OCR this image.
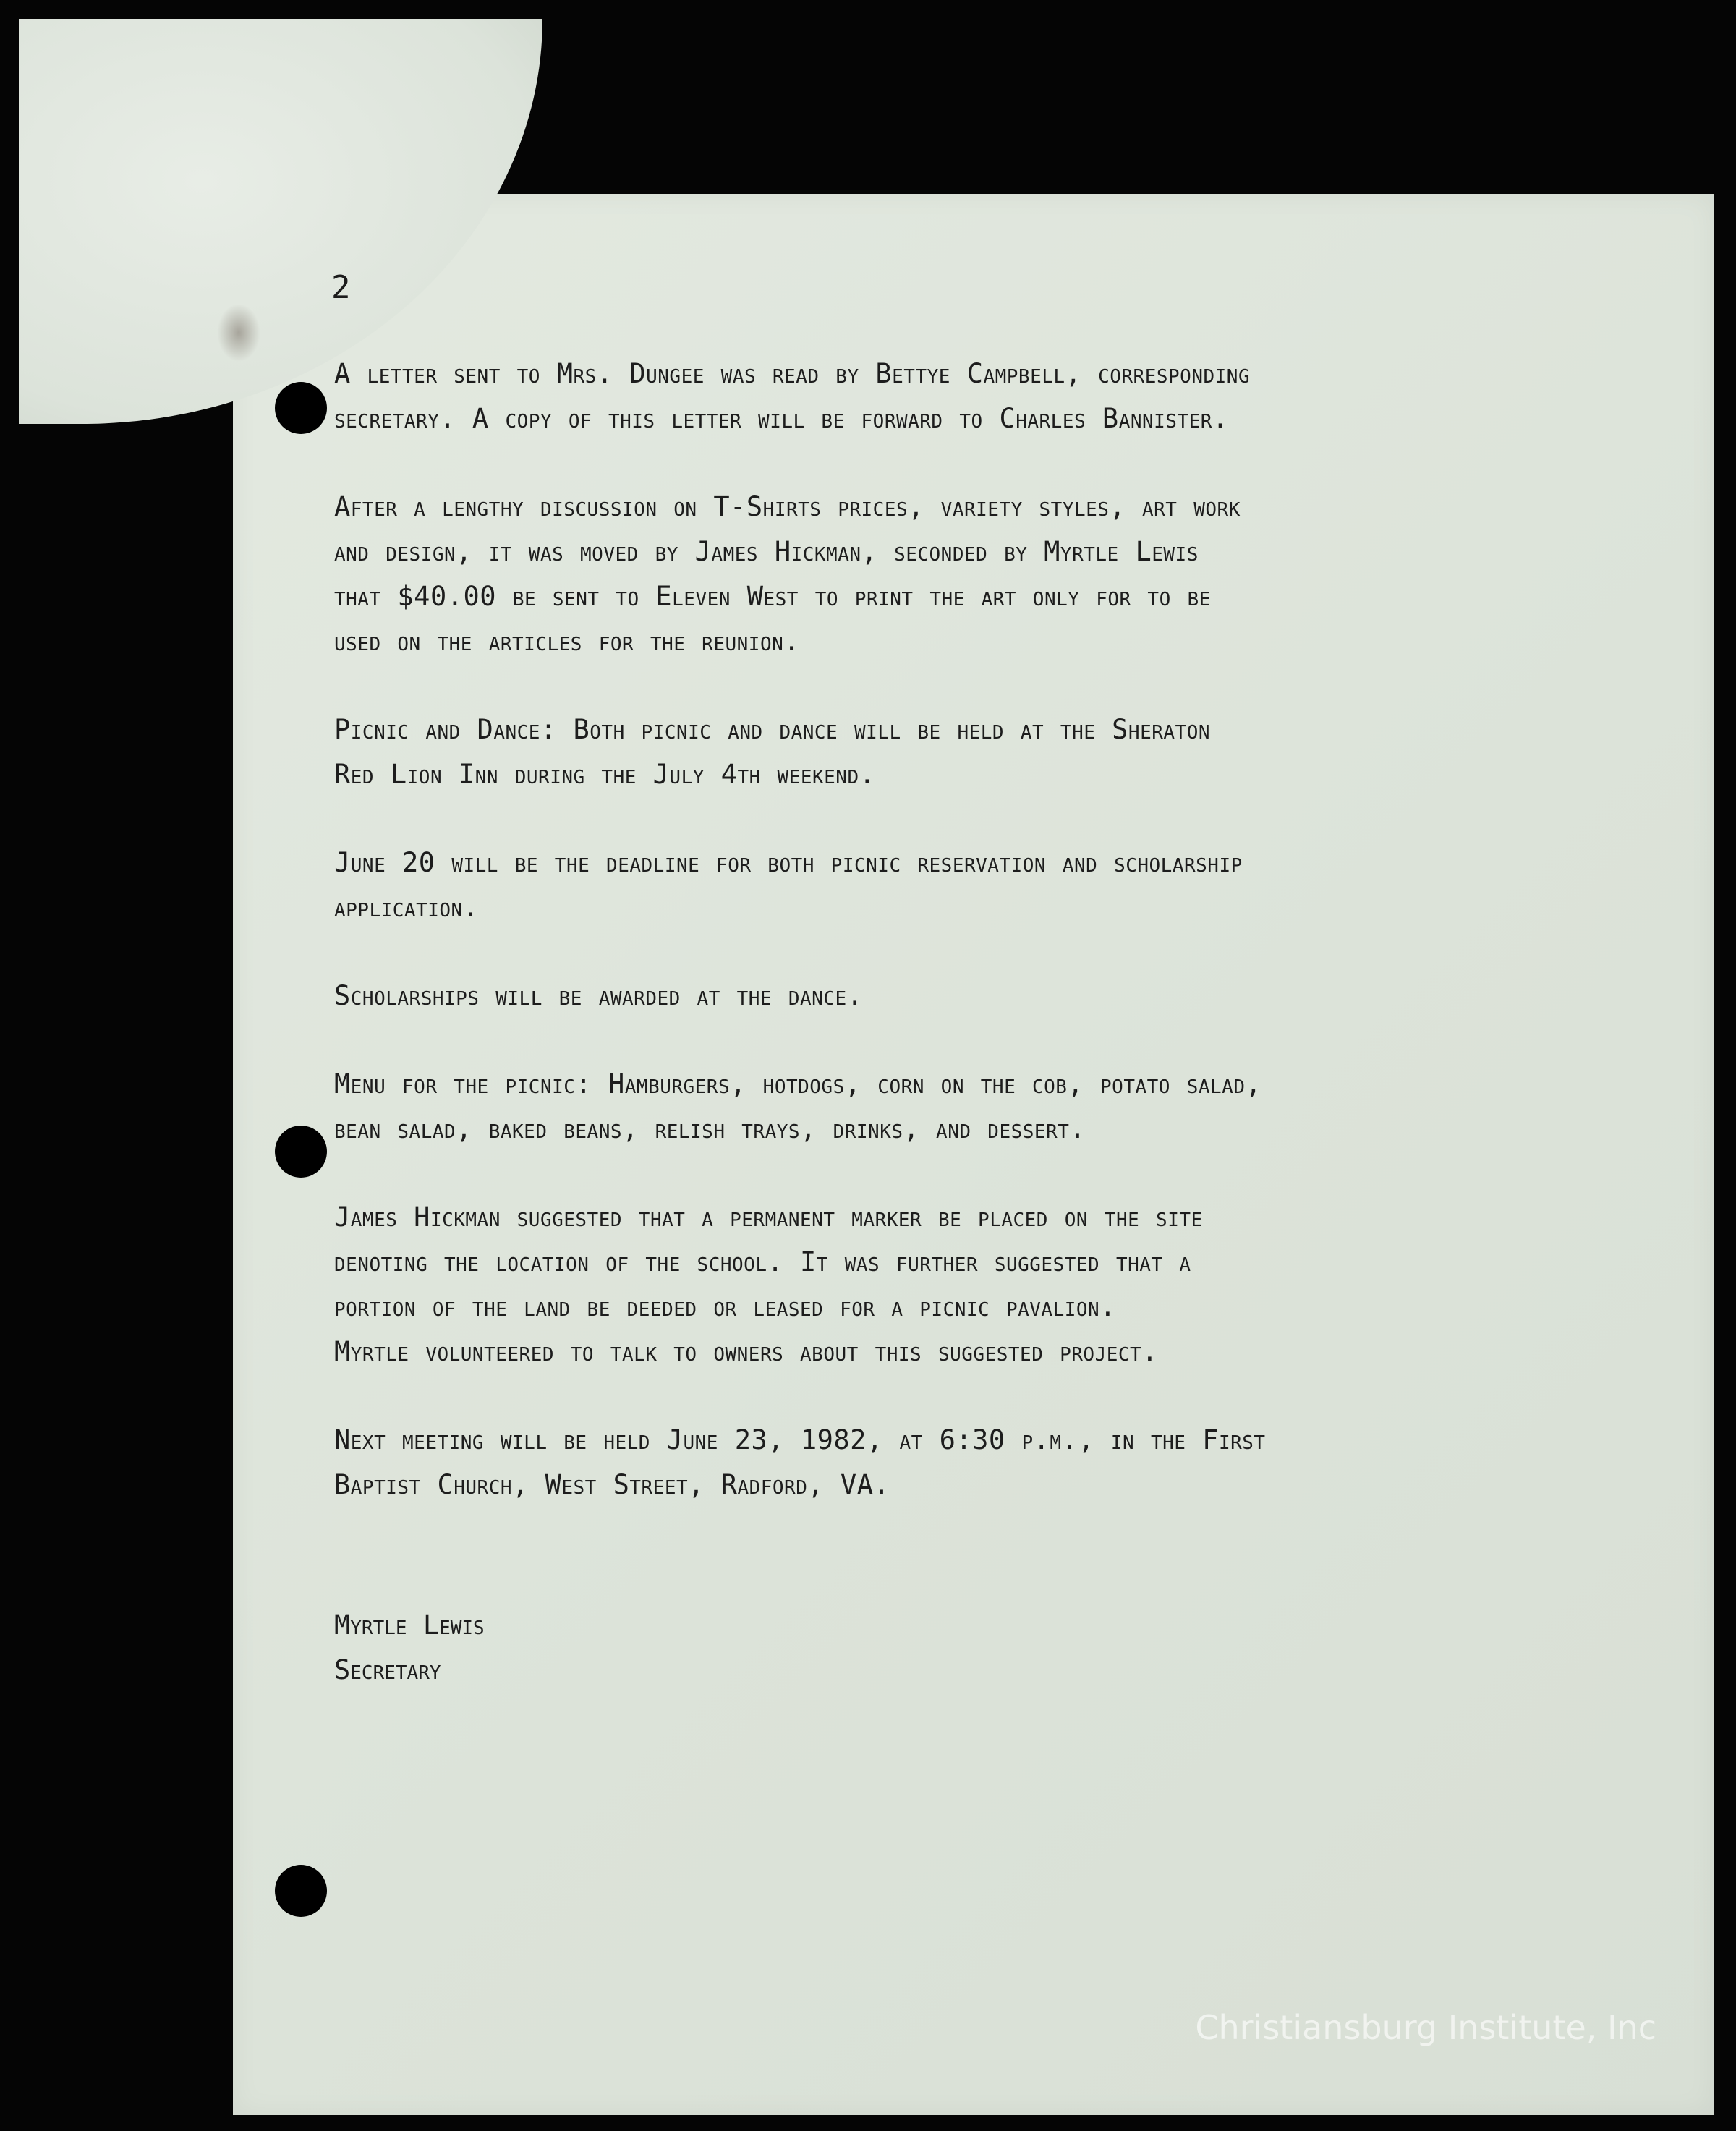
2

A letter sent to Mrs. Dungee was read by Bettye Campbell, corresponding
secretary. A copy of this letter will be forward to Charles Bannister.

After a lengthy discussion on T-Shirts prices, variety styles, art work
and design, it was moved by James Hickman, seconded by Myrtle Lewis
that $40.00 be sent to Eleven West to print the art only for to be
used on the articles for the reunion.

Picnic and Dance: Both picnic and dance will be held at the Sheraton
Red Lion Inn during the July 4th weekend.

June 20 will be the deadline for both picnic reservation and scholarship
application.

Scholarships will be awarded at the dance.

Menu for the picnic: Hamburgers, hotdogs, corn on the cob, potato salad,
bean salad, baked beans, relish trays, drinks, and dessert.

James Hickman suggested that a permanent marker be placed on the site
denoting the location of the school. It was further suggested that a
portion of the land be deeded or leased for a picnic pavalion.
Myrtle volunteered to talk to owners about this suggested project.

Next meeting will be held June 23, 1982, at 6:30 p.m., in the First
Baptist Church, West Street, Radford, VA.

Myrtle Lewis
Secretary
Christiansburg Institute, Inc
